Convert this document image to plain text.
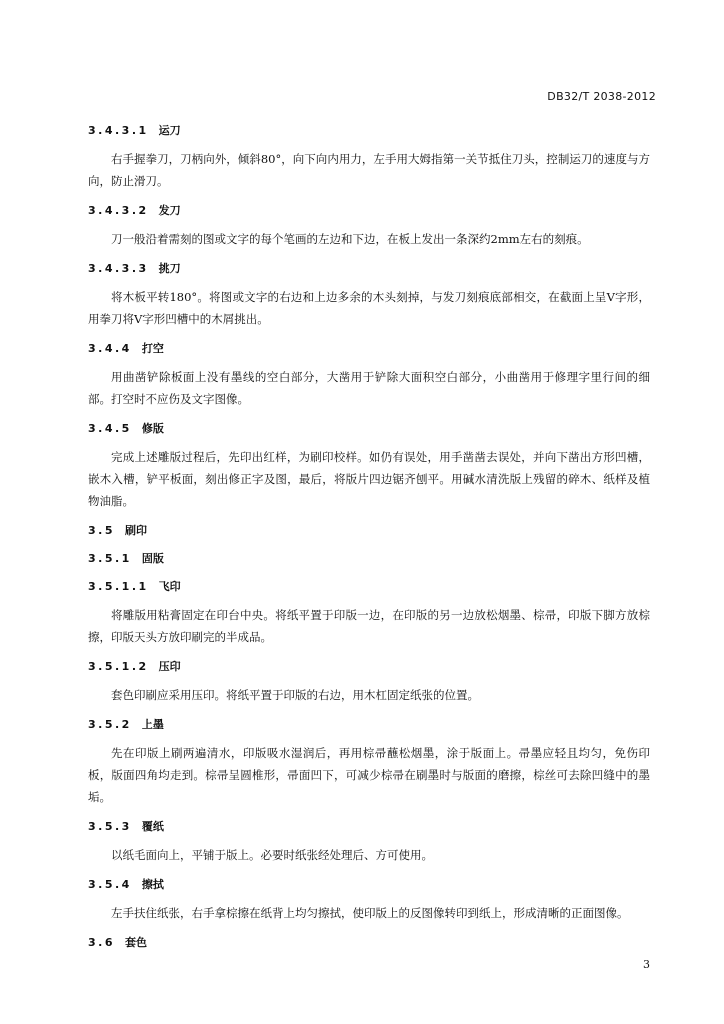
DB32/T 2038-2012
3.4.3.1 运刀

右手握拳刀，刀柄向外，倾斜80°，向下向内用力，左手用大姆指第一关节抵住刀头，控制运刀的速度与方向，防止滑刀。

3.4.3.2 发刀

刀一般沿着需刻的图或文字的每个笔画的左边和下边，在板上发出一条深约2mm左右的刻痕。

3.4.3.3 挑刀

将木板平转180°。将图或文字的右边和上边多余的木头刻掉，与发刀刻痕底部相交，在截面上呈V字形，用拳刀将V字形凹槽中的木屑挑出。

3.4.4 打空

用曲凿铲除板面上没有墨线的空白部分，大凿用于铲除大面积空白部分，小曲凿用于修理字里行间的细部。打空时不应伤及文字图像。

3.4.5 修版

完成上述雕版过程后，先印出红样，为刷印校样。如仍有误处，用手凿凿去误处，并向下凿出方形凹槽，嵌木入槽，铲平板面，刻出修正字及图，最后，将版片四边锯齐刨平。用碱水清洗版上残留的碎木、纸样及植物油脂。

3.5 刷印
3.5.1 固版
3.5.1.1 飞印

将雕版用粘膏固定在印台中央。将纸平置于印版一边，在印版的另一边放松烟墨、棕帚，印版下脚方放棕擦，印版天头方放印刷完的半成品。

3.5.1.2 压印

套色印刷应采用压印。将纸平置于印版的右边，用木杠固定纸张的位置。

3.5.2 上墨

先在印版上刷两遍清水，印版吸水湿润后，再用棕帚蘸松烟墨，涂于版面上。帚墨应轻且均匀，免伤印板，版面四角均走到。棕帚呈圆椎形，帚面凹下，可减少棕帚在刷墨时与版面的磨擦，棕丝可去除凹缝中的墨垢。

3.5.3 覆纸

以纸毛面向上，平铺于版上。必要时纸张经处理后、方可使用。

3.5.4 擦拭

左手扶住纸张，右手拿棕擦在纸背上均匀擦拭，使印版上的反图像转印到纸上，形成清晰的正面图像。

3.6 套色
3
